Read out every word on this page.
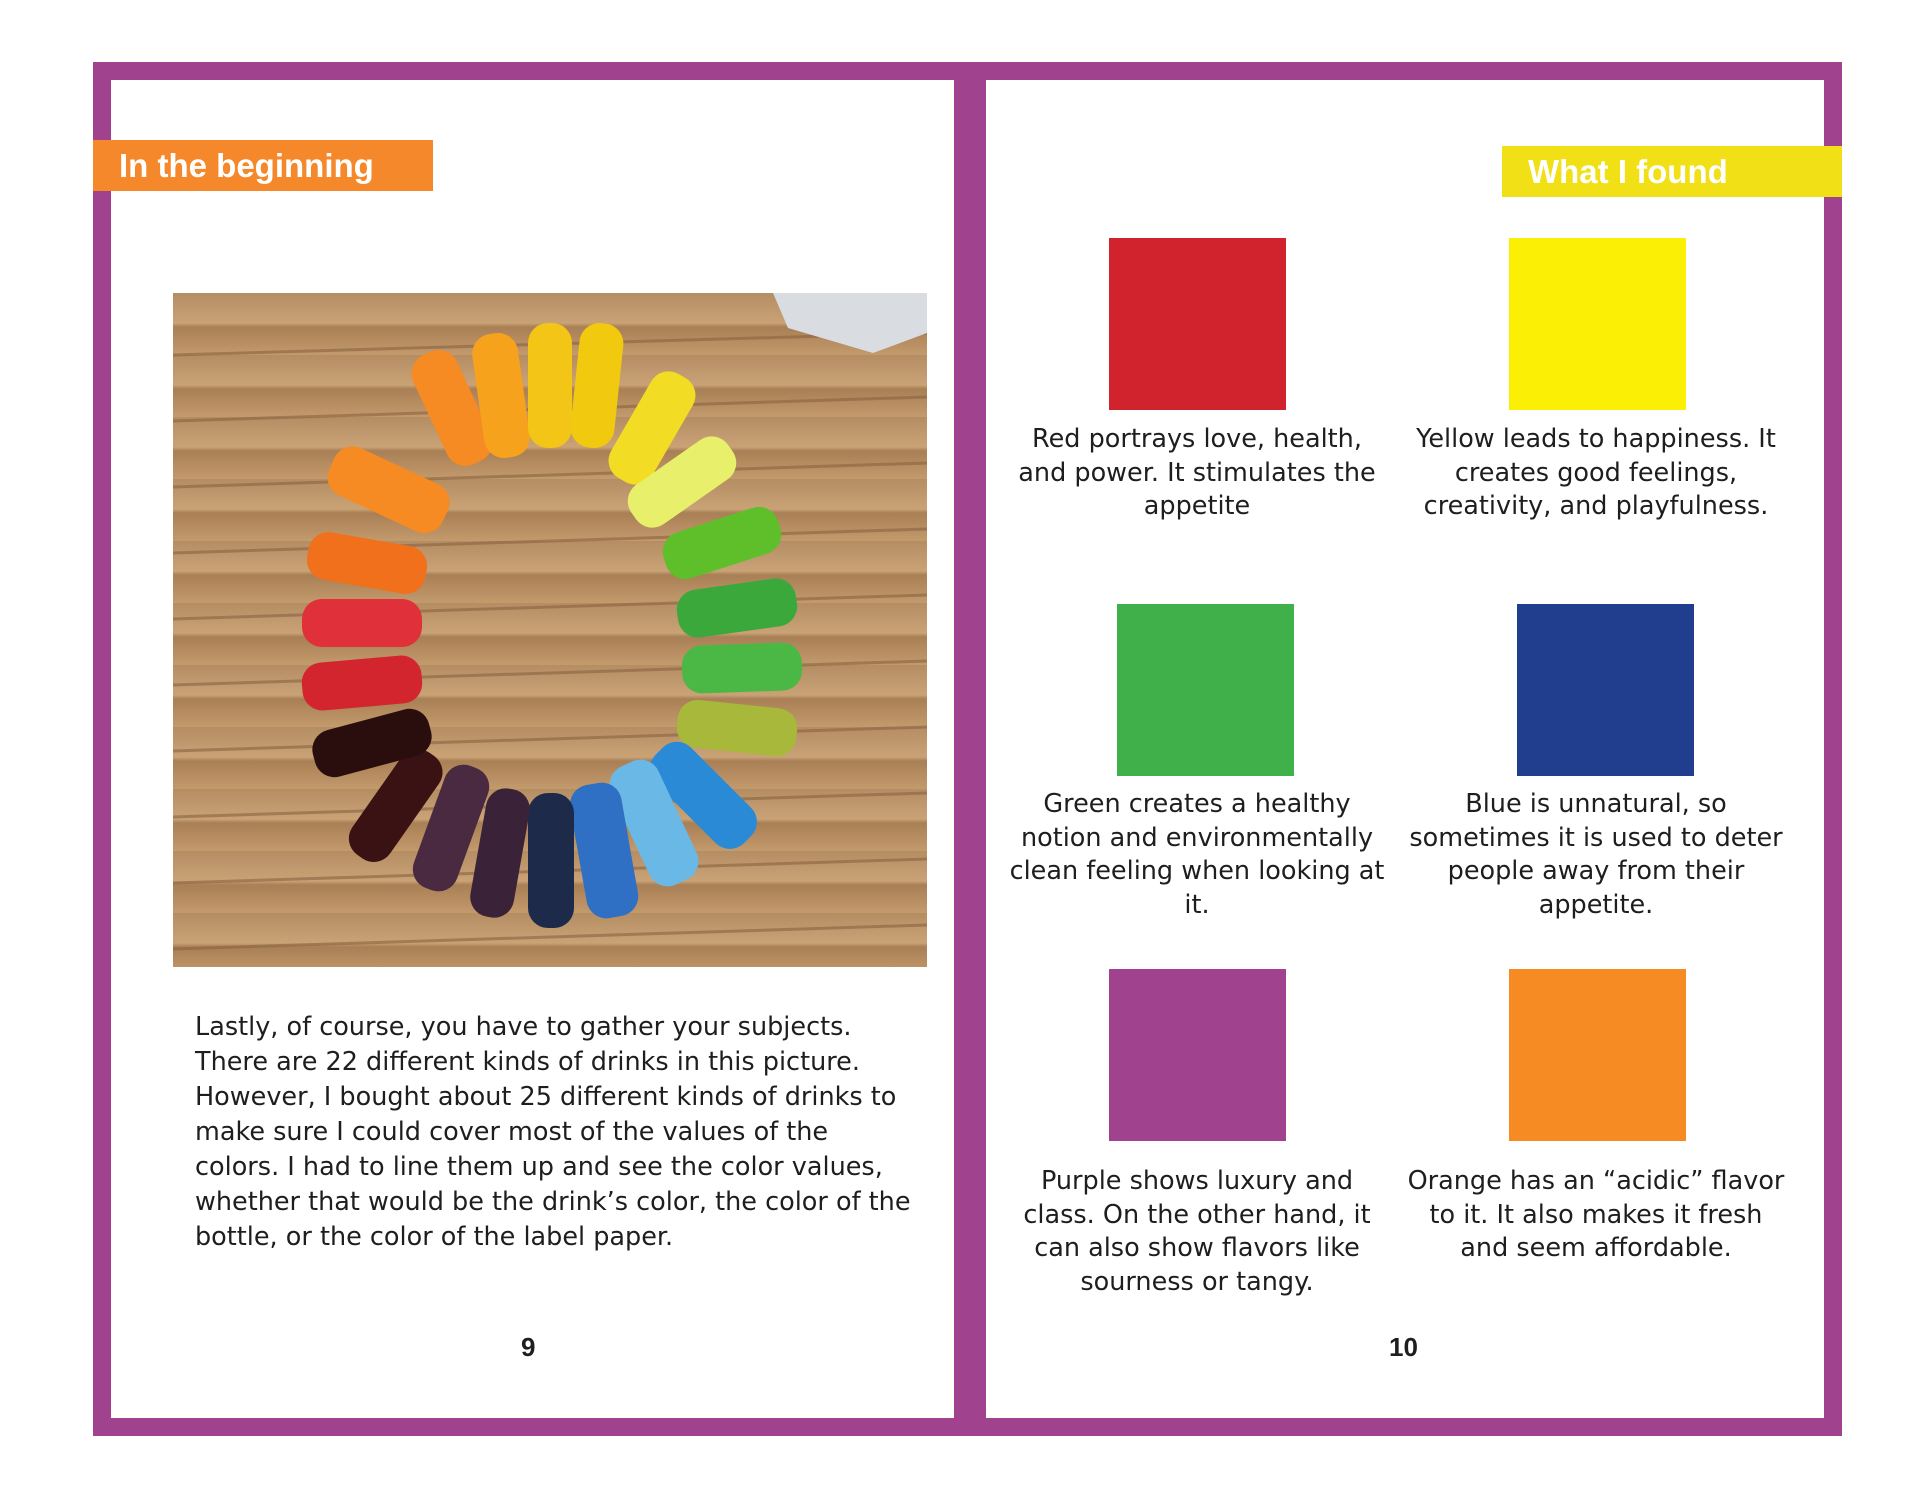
In the beginning

Lastly, of course, you have to gather your subjects. There are 22 different kinds of drinks in this picture. However, I bought about 25 different kinds of drinks to make sure I could cover most of the values of the colors. I had to line them up and see the color values, whether that would be the drink’s color, the color of the bottle, or the color of the label paper.

9
What I found

Red portrays love, health, and power. It stimulates the appetite

Yellow leads to happiness. It creates good feelings, creativity, and playfulness.

Green creates a healthy notion and environmentally clean feeling when looking at it.

Blue is unnatural, so sometimes it is used to deter people away from their appetite.

Purple shows luxury and class. On the other hand, it can also show flavors like sourness or tangy.

Orange has an “acidic” flavor to it. It also makes it fresh and seem affordable.

10
